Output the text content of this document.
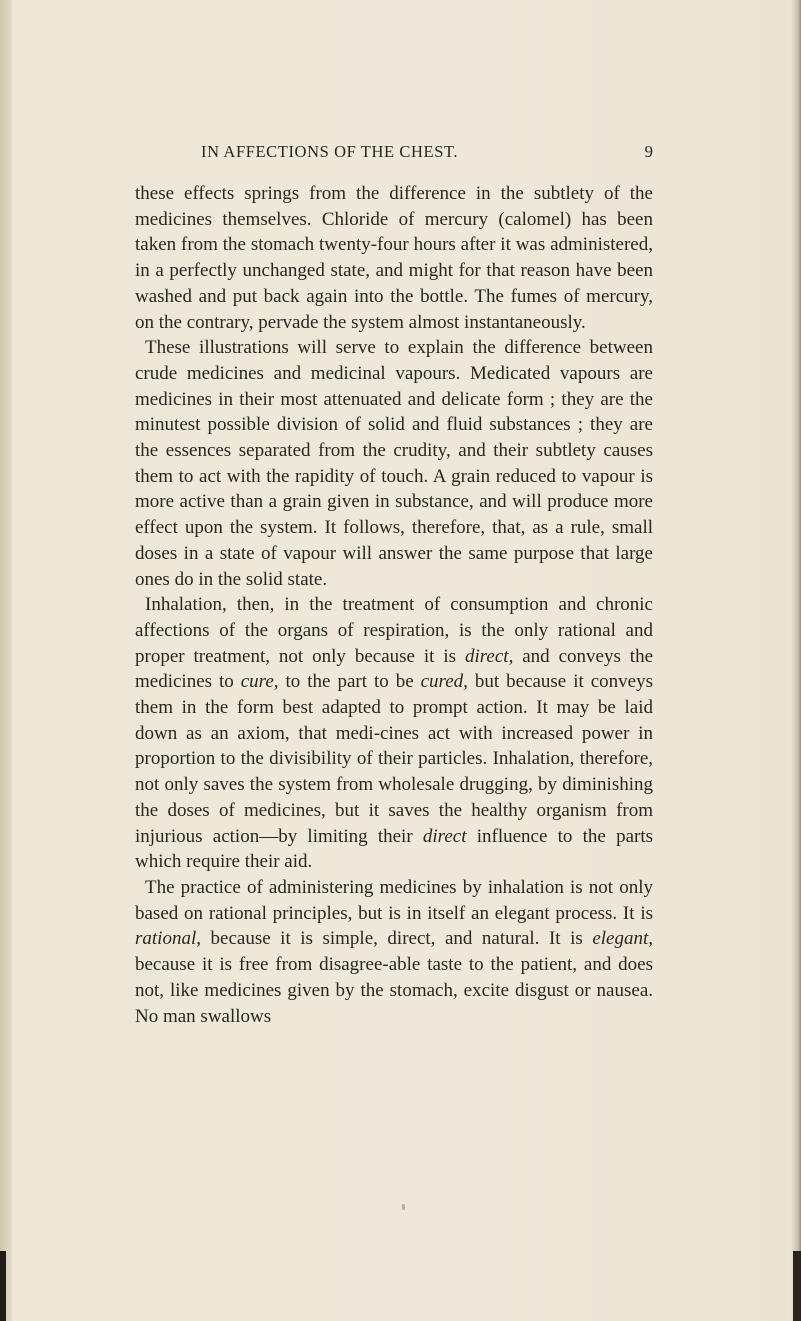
IN AFFECTIONS OF THE CHEST.	9

these effects springs from the difference in the subtlety of the medicines themselves. Chloride of mercury (calomel) has been taken from the stomach twenty-four hours after it was administered, in a perfectly unchanged state, and might for that reason have been washed and put back again into the bottle. The fumes of mercury, on the contrary, pervade the system almost instantaneously.

These illustrations will serve to explain the difference between crude medicines and medicinal vapours. Medicated vapours are medicines in their most attenuated and delicate form ; they are the minutest possible division of solid and fluid substances ; they are the essences separated from the crudity, and their subtlety causes them to act with the rapidity of touch. A grain reduced to vapour is more active than a grain given in substance, and will produce more effect upon the system. It follows, therefore, that, as a rule, small doses in a state of vapour will answer the same purpose that large ones do in the solid state.

Inhalation, then, in the treatment of consumption and chronic affections of the organs of respiration, is the only rational and proper treatment, not only because it is direct, and conveys the medicines to cure, to the part to be cured, but because it conveys them in the form best adapted to prompt action. It may be laid down as an axiom, that medi-cines act with increased power in proportion to the divisibility of their particles. Inhalation, therefore, not only saves the system from wholesale drugging, by diminishing the doses of medicines, but it saves the healthy organism from injurious action—by limiting their direct influence to the parts which require their aid.

The practice of administering medicines by inhalation is not only based on rational principles, but is in itself an elegant process. It is rational, because it is simple, direct, and natural. It is elegant, because it is free from disagree-able taste to the patient, and does not, like medicines given by the stomach, excite disgust or nausea. No man swallows
